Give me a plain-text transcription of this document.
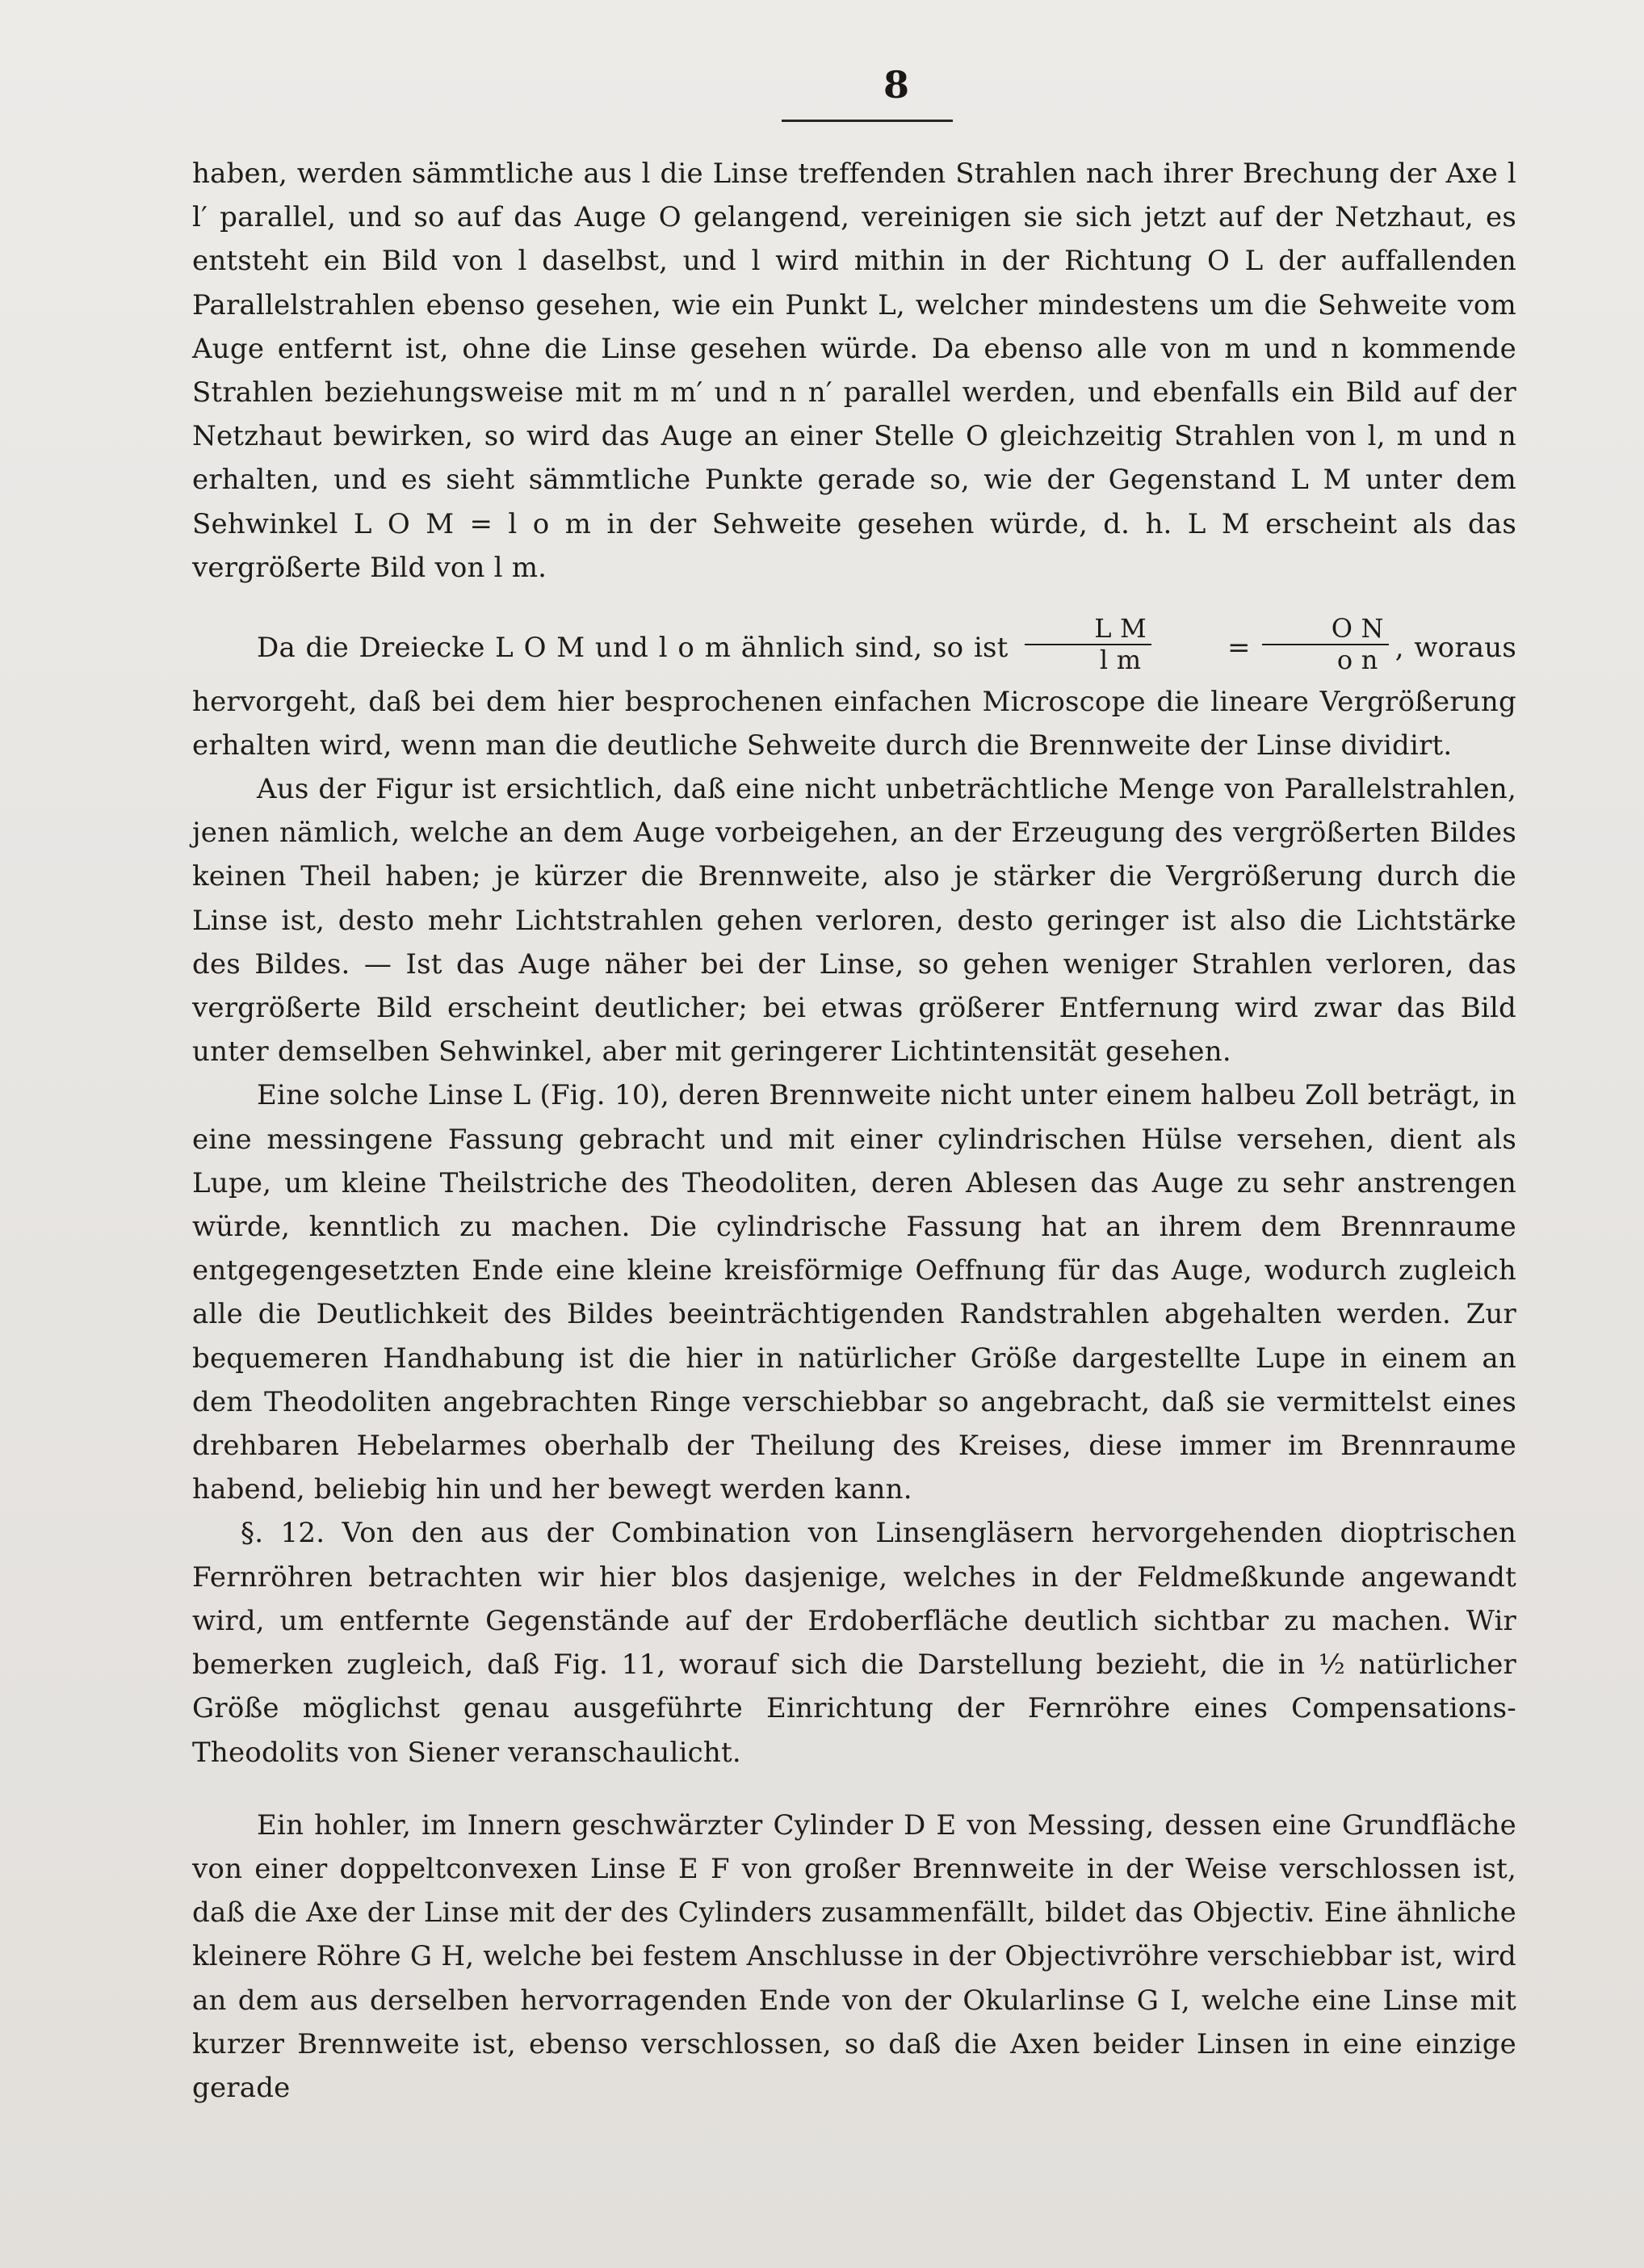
8

haben, werden sämmtliche aus l die Linse treffenden Strahlen nach ihrer Brechung der Axe l l′ parallel, und so auf das Auge O gelangend, vereinigen sie sich jetzt auf der Netzhaut, es entsteht ein Bild von l daselbst, und l wird mithin in der Richtung O L der auffallenden Parallelstrahlen ebenso gesehen, wie ein Punkt L, welcher mindestens um die Sehweite vom Auge entfernt ist, ohne die Linse gesehen würde. Da ebenso alle von m und n kommende Strahlen beziehungsweise mit m m′ und n n′ parallel werden, und ebenfalls ein Bild auf der Netzhaut bewirken, so wird das Auge an einer Stelle O gleichzeitig Strahlen von l, m und n erhalten, und es sieht sämmtliche Punkte gerade so, wie der Gegenstand L M unter dem Sehwinkel L O M = l o m in der Sehweite gesehen würde, d. h. L M erscheint als das vergrößerte Bild von l m.

Da die Dreiecke L O M und l o m ähnlich sind, so ist $\frac{\text{L M}}{\text{l m}}$	= $\frac{\text{O N}}{\text{o n}}$ , woraus hervorgeht, daß bei dem hier besprochenen einfachen Microscope die lineare Vergrößerung erhalten wird, wenn man die deutliche Sehweite durch die Brennweite der Linse dividirt.

Aus der Figur ist ersichtlich, daß eine nicht unbeträchtliche Menge von Parallelstrahlen, jenen nämlich, welche an dem Auge vorbeigehen, an der Erzeugung des vergrößerten Bildes keinen Theil haben; je kürzer die Brennweite, also je stärker die Vergrößerung durch die Linse ist, desto mehr Lichtstrahlen gehen verloren, desto geringer ist also die Lichtstärke des Bildes. — Ist das Auge näher bei der Linse, so gehen weniger Strahlen verloren, das vergrößerte Bild erscheint deutlicher; bei etwas größerer Entfernung wird zwar das Bild unter demselben Sehwinkel, aber mit geringerer Lichtintensität gesehen.

Eine solche Linse L (Fig. 10), deren Brennweite nicht unter einem halbeu Zoll beträgt, in eine messingene Fassung gebracht und mit einer cylindrischen Hülse versehen, dient als Lupe, um kleine Theilstriche des Theodoliten, deren Ablesen das Auge zu sehr anstrengen würde, kenntlich zu machen. Die cylindrische Fassung hat an ihrem dem Brennraume entgegengesetzten Ende eine kleine kreisförmige Oeffnung für das Auge, wodurch zugleich alle die Deutlichkeit des Bildes beeinträchtigenden Randstrahlen abgehalten werden. Zur bequemeren Handhabung ist die hier in natürlicher Größe dargestellte Lupe in einem an dem Theodoliten angebrachten Ringe verschiebbar so angebracht, daß sie vermittelst eines drehbaren Hebelarmes oberhalb der Theilung des Kreises, diese immer im Brennraume habend, beliebig hin und her bewegt werden kann.

§. 12. Von den aus der Combination von Linsengläsern hervorgehenden dioptrischen Fernröhren betrachten wir hier blos dasjenige, welches in der Feldmeßkunde angewandt wird, um entfernte Gegenstände auf der Erdoberfläche deutlich sichtbar zu machen. Wir bemerken zugleich, daß Fig. 11, worauf sich die Darstellung bezieht, die in ½ natürlicher Größe möglichst genau ausgeführte Einrichtung der Fernröhre eines Compensations-Theodolits von Siener veranschaulicht.

Ein hohler, im Innern geschwärzter Cylinder D E von Messing, dessen eine Grundfläche von einer doppeltconvexen Linse E F von großer Brennweite in der Weise verschlossen ist, daß die Axe der Linse mit der des Cylinders zusammenfällt, bildet das Objectiv. Eine ähnliche kleinere Röhre G H, welche bei festem Anschlusse in der Objectivröhre verschiebbar ist, wird an dem aus derselben hervorragenden Ende von der Okularlinse G I, welche eine Linse mit kurzer Brennweite ist, ebenso verschlossen, so daß die Axen beider Linsen in eine einzige gerade
